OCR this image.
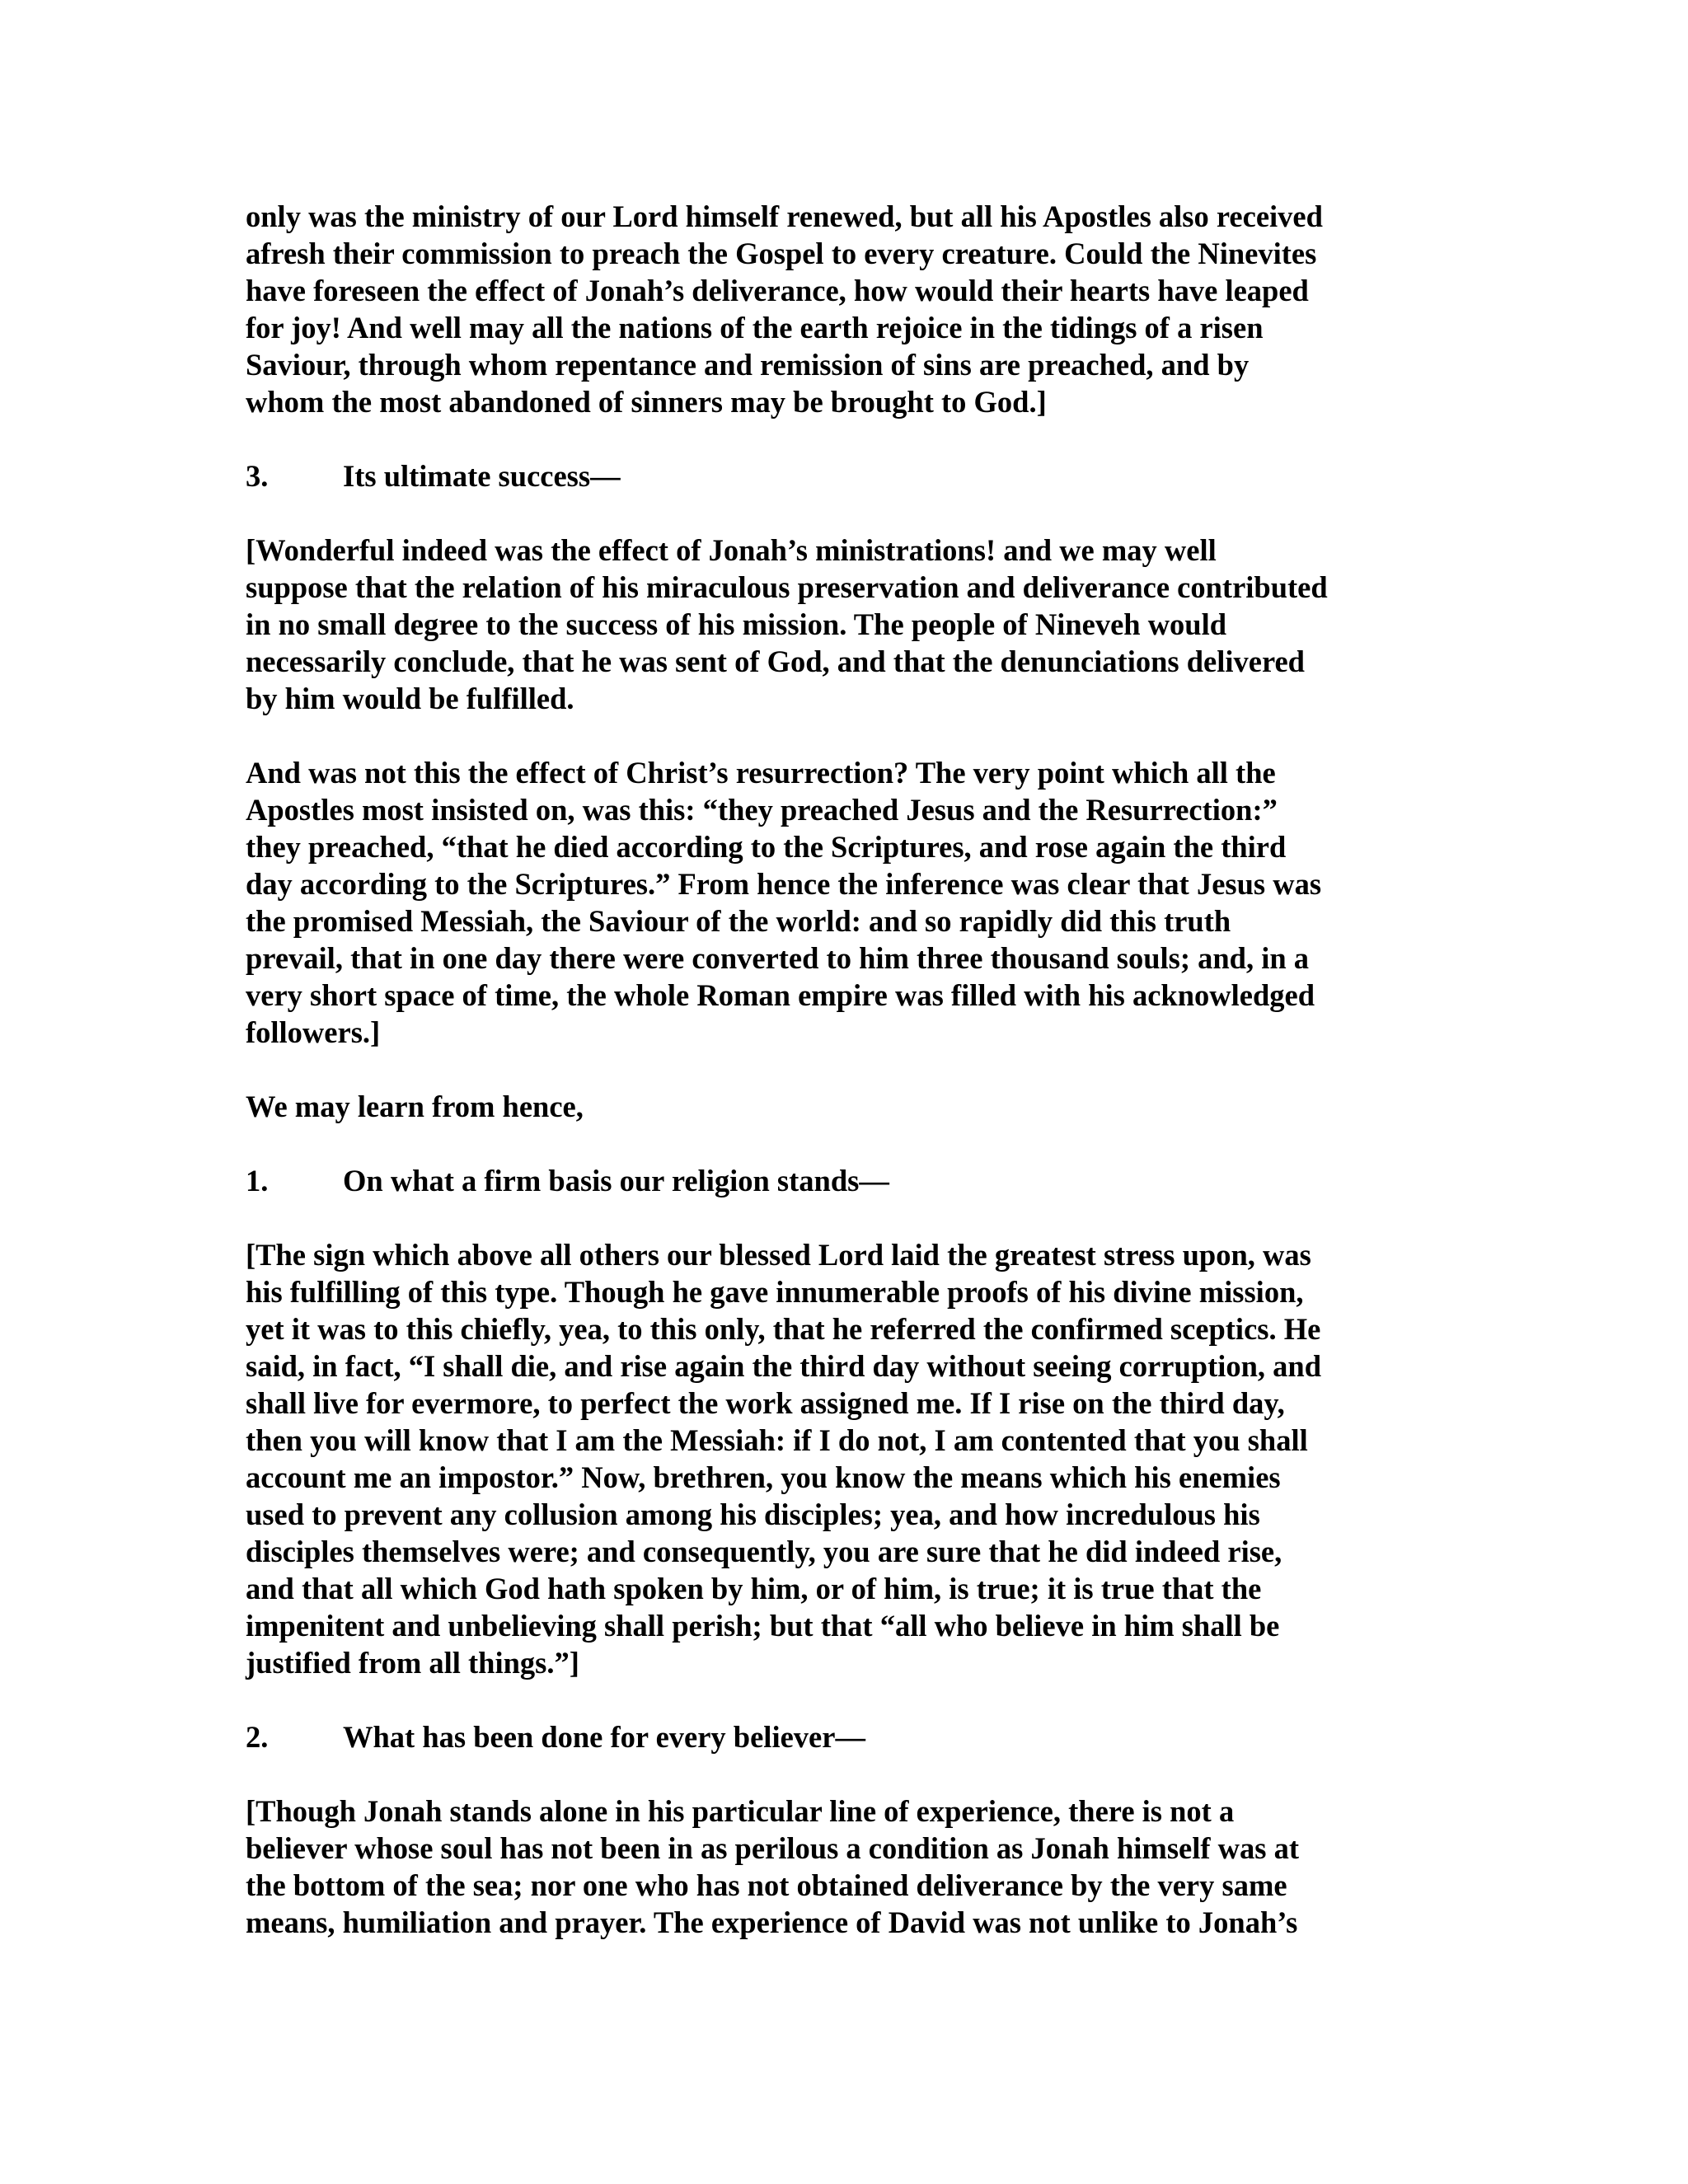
only was the ministry of our Lord himself renewed, but all his Apostles also received
afresh their commission to preach the Gospel to every creature. Could the Ninevites
have foreseen the effect of Jonah’s deliverance, how would their hearts have leaped
for joy! And well may all the nations of the earth rejoice in the tidings of a risen
Saviour, through whom repentance and remission of sins are preached, and by
whom the most abandoned of sinners may be brought to God.]
3. Its ultimate success—
[Wonderful indeed was the effect of Jonah’s ministrations! and we may well
suppose that the relation of his miraculous preservation and deliverance contributed
in no small degree to the success of his mission. The people of Nineveh would
necessarily conclude, that he was sent of God, and that the denunciations delivered
by him would be fulfilled.
And was not this the effect of Christ’s resurrection? The very point which all the
Apostles most insisted on, was this: “they preached Jesus and the Resurrection:”
they preached, “that he died according to the Scriptures, and rose again the third
day according to the Scriptures.” From hence the inference was clear that Jesus was
the promised Messiah, the Saviour of the world: and so rapidly did this truth
prevail, that in one day there were converted to him three thousand souls; and, in a
very short space of time, the whole Roman empire was filled with his acknowledged
followers.]
We may learn from hence,
1. On what a firm basis our religion stands—
[The sign which above all others our blessed Lord laid the greatest stress upon, was
his fulfilling of this type. Though he gave innumerable proofs of his divine mission,
yet it was to this chiefly, yea, to this only, that he referred the confirmed sceptics. He
said, in fact, “I shall die, and rise again the third day without seeing corruption, and
shall live for evermore, to perfect the work assigned me. If I rise on the third day,
then you will know that I am the Messiah: if I do not, I am contented that you shall
account me an impostor.” Now, brethren, you know the means which his enemies
used to prevent any collusion among his disciples; yea, and how incredulous his
disciples themselves were; and consequently, you are sure that he did indeed rise,
and that all which God hath spoken by him, or of him, is true; it is true that the
impenitent and unbelieving shall perish; but that “all who believe in him shall be
justified from all things.”]
2. What has been done for every believer—
[Though Jonah stands alone in his particular line of experience, there is not a
believer whose soul has not been in as perilous a condition as Jonah himself was at
the bottom of the sea; nor one who has not obtained deliverance by the very same
means, humiliation and prayer. The experience of David was not unlike to Jonah’s
